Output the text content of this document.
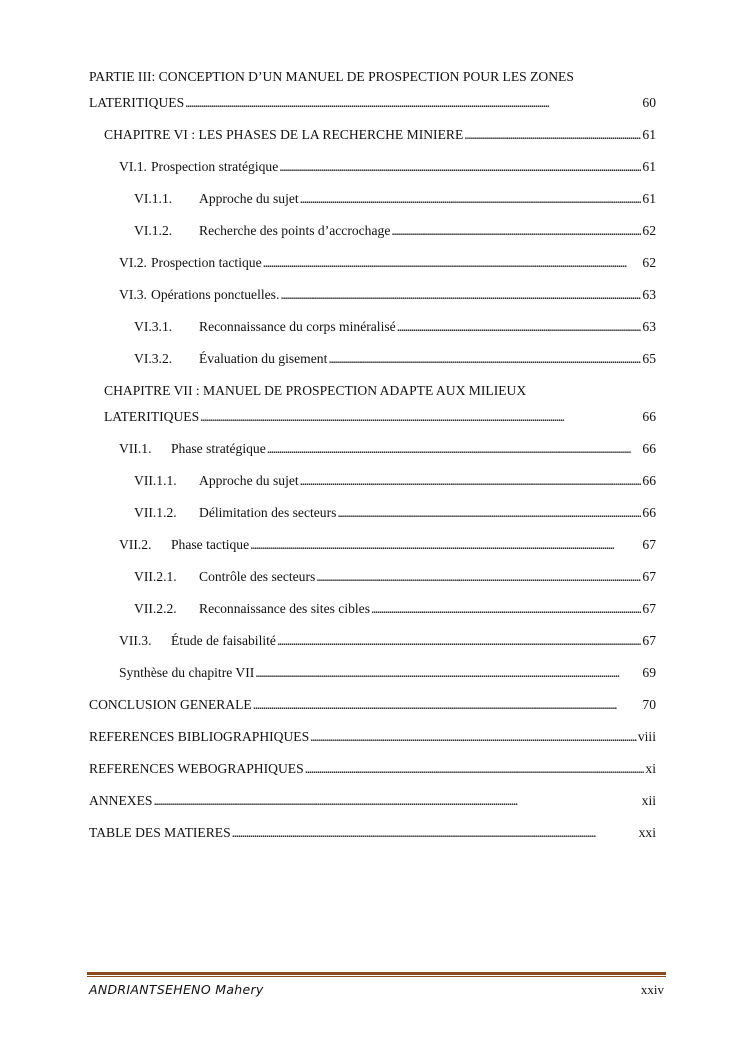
PARTIE III: CONCEPTION D’UN MANUEL DE PROSPECTION POUR LES ZONES
LATERITIQUES . . .	60
CHAPITRE VI : LES PHASES DE LA RECHERCHE MINIERE . . .	61
VI.1. Prospection stratégique . . .	61
VI.1.1.	Approche du sujet . . .	61
VI.1.2.	Recherche des points d’accrochage . . .	62
VI.2. Prospection tactique . . .	62
VI.3. Opérations ponctuelles. . . .	63
VI.3.1.	Reconnaissance du corps minéralisé . . .	63
VI.3.2.	Évaluation du gisement . . .	65
CHAPITRE VII : MANUEL DE PROSPECTION ADAPTE AUX MILIEUX
LATERITIQUES . . .	66
VII.1.	Phase stratégique . . .	66
VII.1.1.	Approche du sujet . . .	66
VII.1.2.	Délimitation des secteurs . . .	66
VII.2.	Phase tactique . . .	67
VII.2.1.	Contrôle des secteurs . . .	67
VII.2.2.	Reconnaissance des sites cibles . . .	67
VII.3.	Étude de faisabilité . . .	67
Synthèse du chapitre VII . . .	69
CONCLUSION GENERALE . . .	70
REFERENCES BIBLIOGRAPHIQUES . . .	viii
REFERENCES WEBOGRAPHIQUES . . .	xi
ANNEXES . . .	xii
TABLE DES MATIERES . . .	xxi
ANDRIANTSEHENO Mahery	xxiv
